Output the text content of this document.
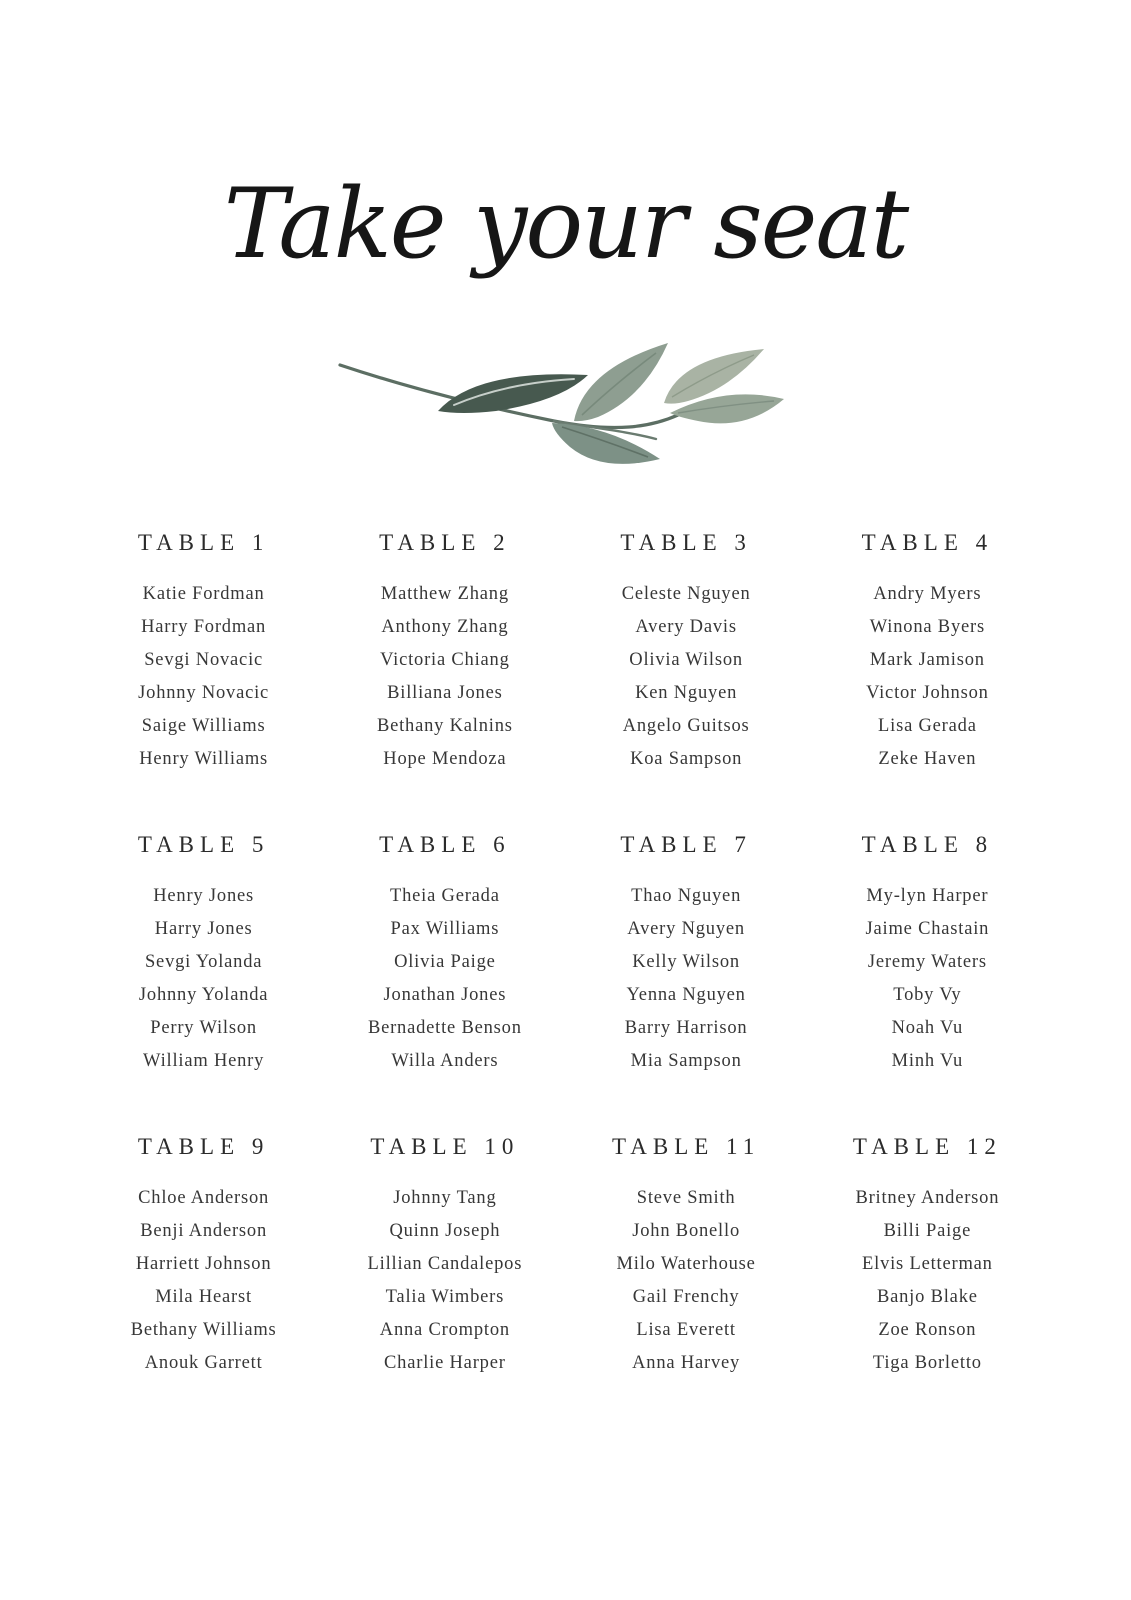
Take your seat
TABLE 1
Katie Fordman
Harry Fordman
Sevgi Novacic
Johnny Novacic
Saige Williams
Henry Williams
TABLE 2
Matthew Zhang
Anthony Zhang
Victoria Chiang
Billiana Jones
Bethany Kalnins
Hope Mendoza
TABLE 3
Celeste Nguyen
Avery Davis
Olivia Wilson
Ken Nguyen
Angelo Guitsos
Koa Sampson
TABLE 4
Andry Myers
Winona Byers
Mark Jamison
Victor Johnson
Lisa Gerada
Zeke Haven
TABLE 5
Henry Jones
Harry Jones
Sevgi Yolanda
Johnny Yolanda
Perry Wilson
William Henry
TABLE 6
Theia Gerada
Pax Williams
Olivia Paige
Jonathan Jones
Bernadette Benson
Willa Anders
TABLE 7
Thao Nguyen
Avery Nguyen
Kelly Wilson
Yenna Nguyen
Barry Harrison
Mia Sampson
TABLE 8
My-lyn Harper
Jaime Chastain
Jeremy Waters
Toby Vy
Noah Vu
Minh Vu
TABLE 9
Chloe Anderson
Benji Anderson
Harriett Johnson
Mila Hearst
Bethany Williams
Anouk Garrett
TABLE 10
Johnny Tang
Quinn Joseph
Lillian Candalepos
Talia Wimbers
Anna Crompton
Charlie Harper
TABLE 11
Steve Smith
John Bonello
Milo Waterhouse
Gail Frenchy
Lisa Everett
Anna Harvey
TABLE 12
Britney Anderson
Billi Paige
Elvis Letterman
Banjo Blake
Zoe Ronson
Tiga Borletto
